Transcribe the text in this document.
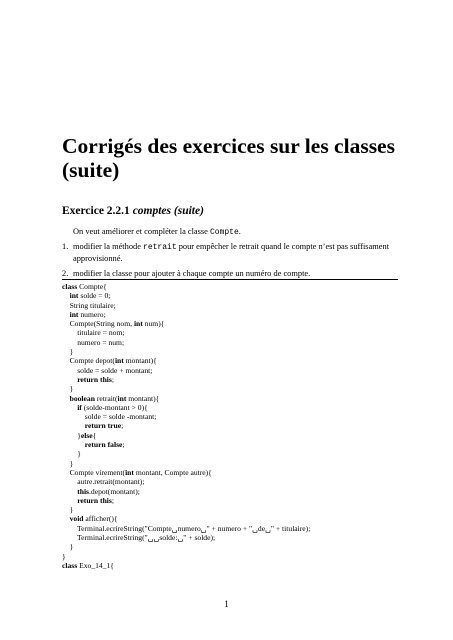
Corrigés des exercices sur les classes (suite)
Exercice 2.2.1 comptes (suite)

On veut améliorer et compléter la classe Compte.

1. modifier la méthode retrait pour empêcher le retrait quand le compte n’est pas suffisament approvisionné.
2. modifier la classe pour ajouter à chaque compte un numéro de compte.
class Compte{
int solde = 0;
String titulaire;
int numero;
Compte(String nom, int num){
titulaire = nom;
numero = num;
}
Compte depot(int montant){
solde = solde + montant;
return this;
}
boolean retrait(int montant){
if (solde-montant > 0){
solde = solde -montant;
return true;
}else{
return false;
}
}
Compte virement(int montant, Compte autre){
autre.retrait(montant);
this.depot(montant);
return this;
}
void afficher(){
Terminal.ecrireString("Compte␣numero␣" + numero + "␣de␣" + titulaire);
Terminal.ecrireString("␣␣solde:␣" + solde);
}
}
class Exo_14_1{
1
